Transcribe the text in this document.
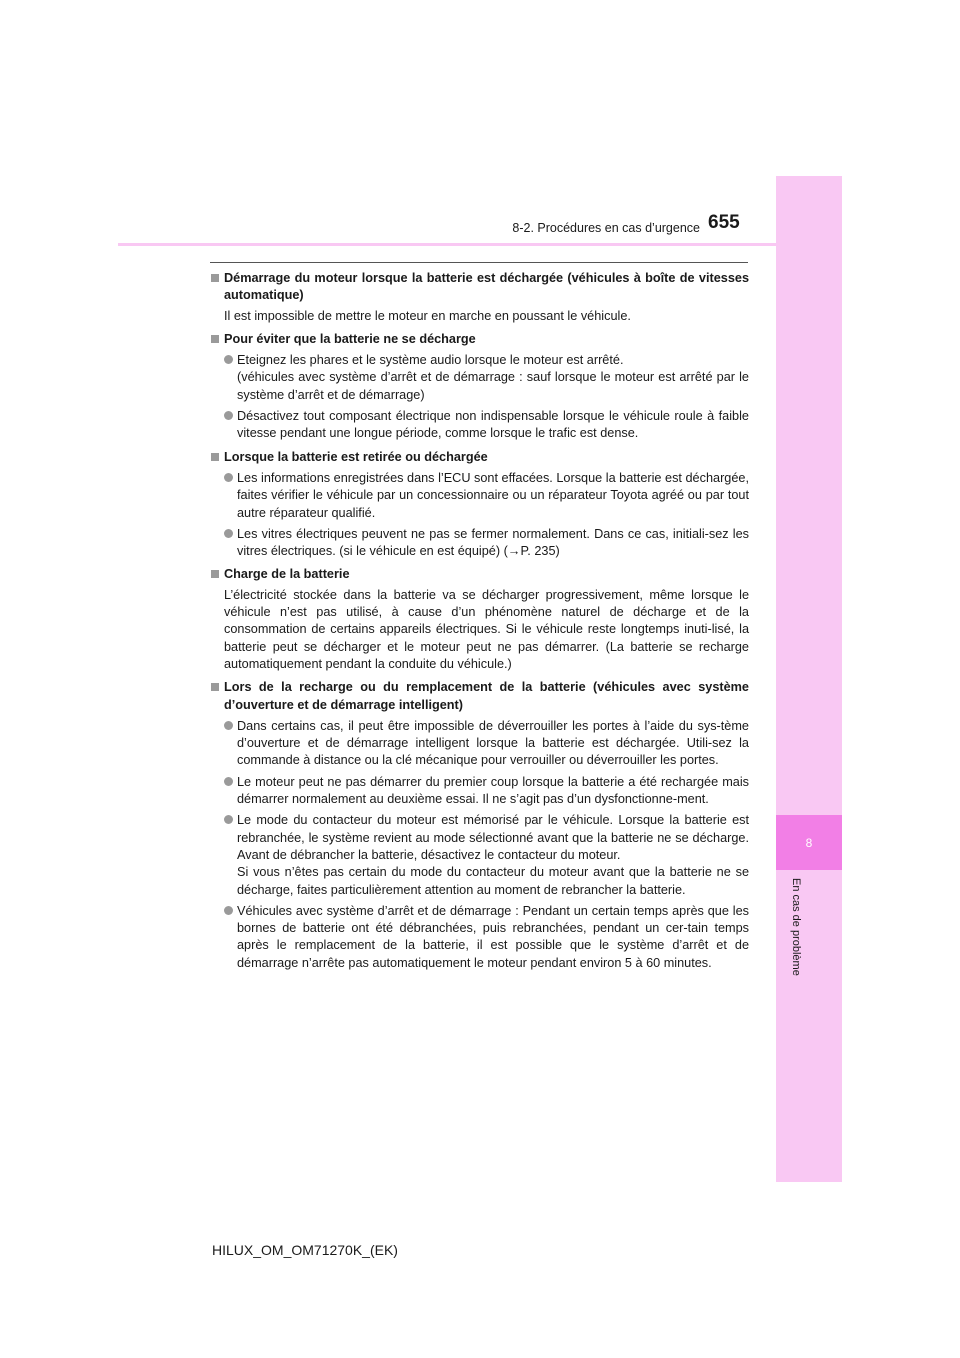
8
En cas de problème
8-2. Procédures en cas d’urgence 655
Démarrage du moteur lorsque la batterie est déchargée (véhicules à boîte de vitesses automatique)
Il est impossible de mettre le moteur en marche en poussant le véhicule.
Pour éviter que la batterie ne se décharge
Eteignez les phares et le système audio lorsque le moteur est arrêté.
(véhicules avec système d’arrêt et de démarrage : sauf lorsque le moteur est arrêté par le système d’arrêt et de démarrage)
Désactivez tout composant électrique non indispensable lorsque le véhicule roule à faible vitesse pendant une longue période, comme lorsque le trafic est dense.
Lorsque la batterie est retirée ou déchargée
Les informations enregistrées dans l’ECU sont effacées. Lorsque la batterie est déchargée, faites vérifier le véhicule par un concessionnaire ou un réparateur Toyota agréé ou par tout autre réparateur qualifié.
Les vitres électriques peuvent ne pas se fermer normalement. Dans ce cas, initiali-sez les vitres électriques. (si le véhicule en est équipé) (→P. 235)
Charge de la batterie
L’électricité stockée dans la batterie va se décharger progressivement, même lorsque le véhicule n’est pas utilisé, à cause d’un phénomène naturel de décharge et de la consommation de certains appareils électriques. Si le véhicule reste longtemps inuti-lisé, la batterie peut se décharger et le moteur peut ne pas démarrer. (La batterie se recharge automatiquement pendant la conduite du véhicule.)
Lors de la recharge ou du remplacement de la batterie (véhicules avec système d’ouverture et de démarrage intelligent)
Dans certains cas, il peut être impossible de déverrouiller les portes à l’aide du sys-tème d’ouverture et de démarrage intelligent lorsque la batterie est déchargée. Utili-sez la commande à distance ou la clé mécanique pour verrouiller ou déverrouiller les portes.
Le moteur peut ne pas démarrer du premier coup lorsque la batterie a été rechargée mais démarrer normalement au deuxième essai. Il ne s’agit pas d’un dysfonctionne-ment.
Le mode du contacteur du moteur est mémorisé par le véhicule. Lorsque la batterie est rebranchée, le système revient au mode sélectionné avant que la batterie ne se décharge. Avant de débrancher la batterie, désactivez le contacteur du moteur.
Si vous n’êtes pas certain du mode du contacteur du moteur avant que la batterie ne se décharge, faites particulièrement attention au moment de rebrancher la batterie.
Véhicules avec système d’arrêt et de démarrage : Pendant un certain temps après que les bornes de batterie ont été débranchées, puis rebranchées, pendant un cer-tain temps après le remplacement de la batterie, il est possible que le système d’arrêt et de démarrage n’arrête pas automatiquement le moteur pendant environ 5 à 60 minutes.
HILUX_OM_OM71270K_(EK)
